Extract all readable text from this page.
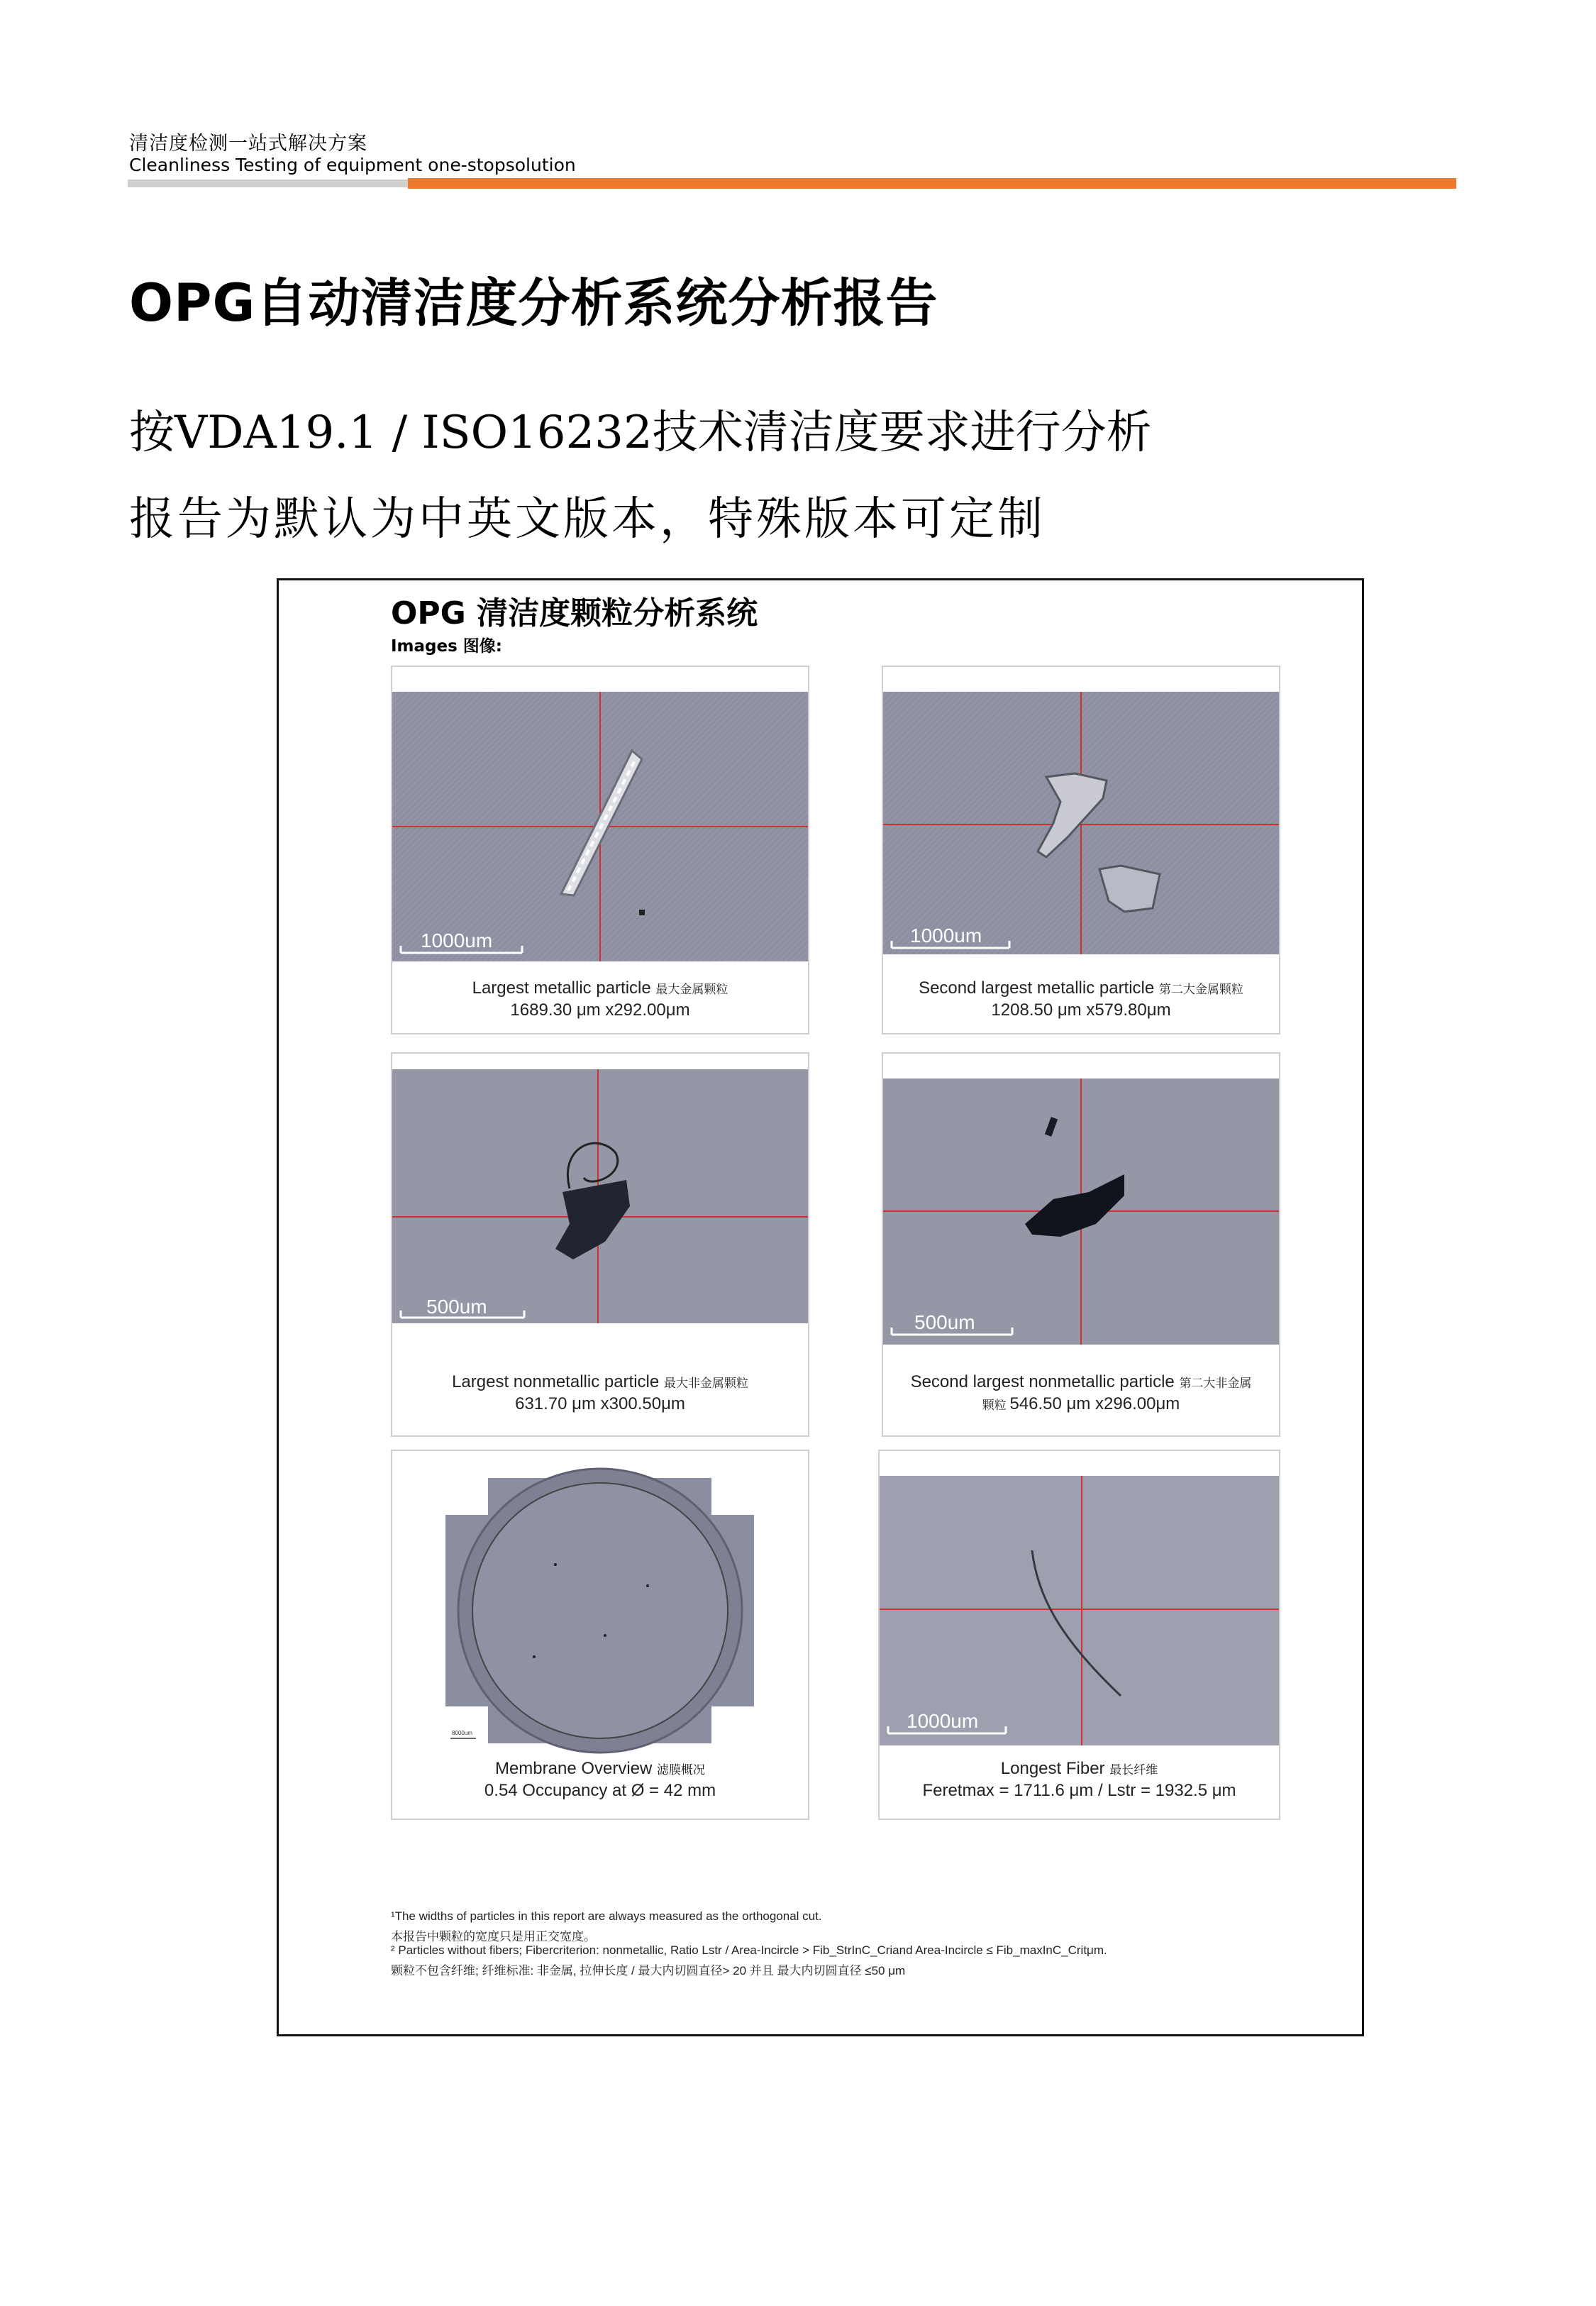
清洁度检测一站式解决方案
Cleanliness Testing of equipment one-stopsolution
OPG自动清洁度分析系统分析报告
按VDA19.1 / ISO16232技术清洁度要求进行分析
报告为默认为中英文版本，特殊版本可定制
OPG 清洁度颗粒分析系统
Images 图像:
1000um
Largest metallic particle 最大金属颗粒
1689.30 μm x292.00μm
1000um
Second largest metallic particle 第二大金属颗粒
1208.50 μm x579.80μm
500um
Largest nonmetallic particle 最大非金属颗粒
631.70 μm x300.50μm
500um
Second largest nonmetallic particle 第二大非金属
颗粒 546.50 μm x296.00μm
8000um
Membrane Overview 滤膜概况
0.54 Occupancy at Ø = 42 mm
1000um
Longest Fiber 最长纤维
Feretmax = 1711.6 μm / Lstr = 1932.5 μm
¹The widths of particles in this report are always measured as the orthogonal cut.
本报告中颗粒的宽度只是用正交宽度。
² Particles without fibers; Fibercriterion: nonmetallic, Ratio Lstr / Area-Incircle > Fib_StrInC_Criand Area-Incircle ≤ Fib_maxInC_Critμm.
颗粒不包含纤维; 纤维标准: 非金属, 拉伸长度 / 最大内切圆直径> 20 并且 最大内切圆直径 ≤50 μm
